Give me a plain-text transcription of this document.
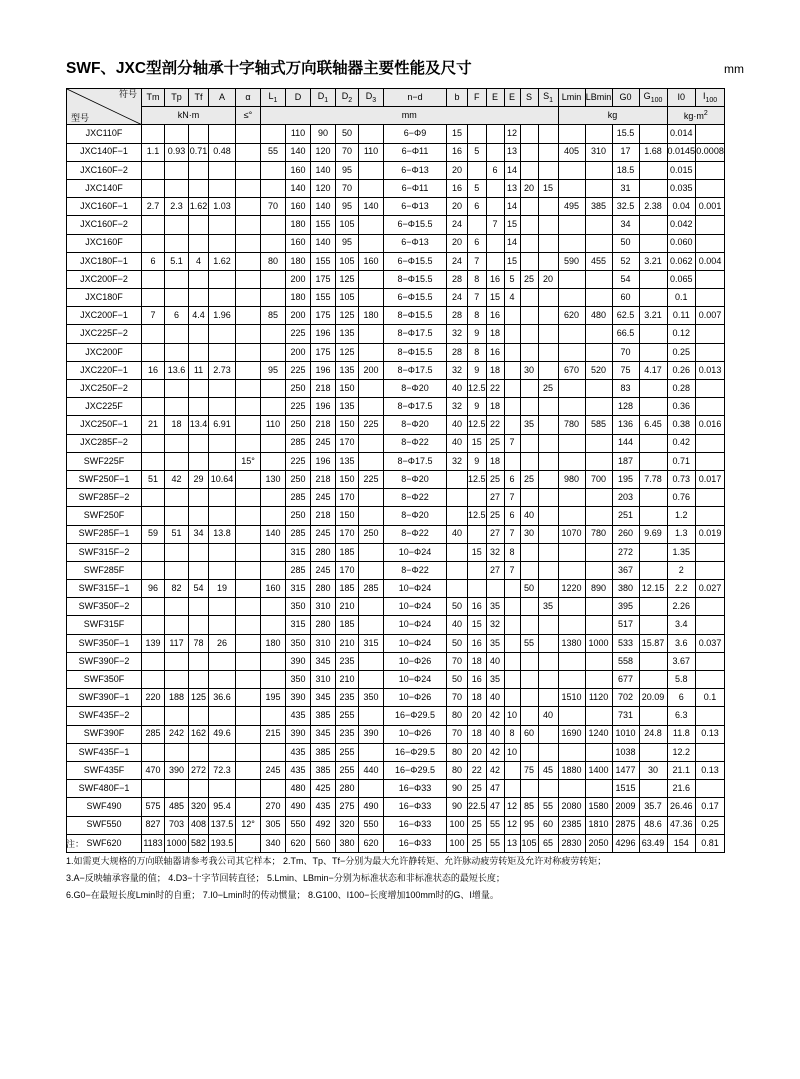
SWF、JXC型剖分轴承十字轴式万向联轴器主要性能及尺寸	mm
符号
型号	Tm	Tp	Tf	A	α	$L_1$	D	$D_1$	$D_2$	$D_3$	n−d	b	F	E	E	S	$S_1$	Lmin	LBmin	G0	$G_{100}$	I0	$I_{100}$
	kN·m				≤°	mm												kg				$kg\cdot m^2$
JXC110F							110	90	50		6−Φ9	15			12					15.5		0.014	
JXC140F−1	1.1	0.93	0.71	0.48		55	140	120	70	110	6−Φ11	16	5		13			405	310	17	1.68	0.0145	0.0008
JXC160F−2							160	140	95		6−Φ13	20		6	14					18.5		0.015	
JXC140F							140	120	70		6−Φ11	16	5		13	20	15			31		0.035	
JXC160F−1	2.7	2.3	1.62	1.03		70	160	140	95	140	6−Φ13	20	6		14			495	385	32.5	2.38	0.04	0.001
JXC160F−2							180	155	105		6−Φ15.5	24		7	15					34		0.042	
JXC160F							160	140	95		6−Φ13	20	6		14					50		0.060	
JXC180F−1	6	5.1	4	1.62		80	180	155	105	160	6−Φ15.5	24	7		15			590	455	52	3.21	0.062	0.004
JXC200F−2							200	175	125		8−Φ15.5	28	8	16	5	25	20			54		0.065	
JXC180F							180	155	105		6−Φ15.5	24	7	15	4					60		0.1	
JXC200F−1	7	6	4.4	1.96		85	200	175	125	180	8−Φ15.5	28	8	16				620	480	62.5	3.21	0.11	0.007
JXC225F−2							225	196	135		8−Φ17.5	32	9	18						66.5		0.12	
JXC200F							200	175	125		8−Φ15.5	28	8	16						70		0.25	
JXC220F−1	16	13.6	11	2.73		95	225	196	135	200	8−Φ17.5	32	9	18		30		670	520	75	4.17	0.26	0.013
JXC250F−2							250	218	150		8−Φ20	40	12.5	22			25			83		0.28	
JXC225F							225	196	135		8−Φ17.5	32	9	18						128		0.36	
JXC250F−1	21	18	13.4	6.91		110	250	218	150	225	8−Φ20	40	12.5	22		35		780	585	136	6.45	0.38	0.016
JXC285F−2							285	245	170		8−Φ22	40	15	25	7					144		0.42	
SWF225F					15°		225	196	135		8−Φ17.5	32	9	18						187		0.71	
SWF250F−1	51	42	29	10.64		130	250	218	150	225	8−Φ20		12.5	25	6	25		980	700	195	7.78	0.73	0.017
SWF285F−2							285	245	170		8−Φ22			27	7					203		0.76	
SWF250F							250	218	150		8−Φ20		12.5	25	6	40				251		1.2	
SWF285F−1	59	51	34	13.8		140	285	245	170	250	8−Φ22	40		27	7	30		1070	780	260	9.69	1.3	0.019
SWF315F−2							315	280	185		10−Φ24		15	32	8					272		1.35	
SWF285F							285	245	170		8−Φ22			27	7					367		2	
SWF315F−1	96	82	54	19		160	315	280	185	285	10−Φ24					50		1220	890	380	12.15	2.2	0.027
SWF350F−2							350	310	210		10−Φ24	50	16	35			35			395		2.26	
SWF315F							315	280	185		10−Φ24	40	15	32						517		3.4	
SWF350F−1	139	117	78	26		180	350	310	210	315	10−Φ24	50	16	35		55		1380	1000	533	15.87	3.6	0.037
SWF390F−2							390	345	235		10−Φ26	70	18	40						558		3.67	
SWF350F							350	310	210		10−Φ24	50	16	35						677		5.8	
SWF390F−1	220	188	125	36.6		195	390	345	235	350	10−Φ26	70	18	40				1510	1120	702	20.09	6	0.1
SWF435F−2							435	385	255		16−Φ29.5	80	20	42	10		40			731		6.3	
SWF390F	285	242	162	49.6		215	390	345	235	390	10−Φ26	70	18	40	8	60		1690	1240	1010	24.8	11.8	0.13
SWF435F−1							435	385	255		16−Φ29.5	80	20	42	10					1038		12.2	
SWF435F	470	390	272	72.3		245	435	385	255	440	16−Φ29.5	80	22	42		75	45	1880	1400	1477	30	21.1	0.13
SWF480F−1							480	425	280		16−Φ33	90	25	47						1515		21.6	
SWF490	575	485	320	95.4		270	490	435	275	490	16−Φ33	90	22.5	47	12	85	55	2080	1580	2009	35.7	26.46	0.17
SWF550	827	703	408	137.5	12°	305	550	492	320	550	16−Φ33	100	25	55	12	95	60	2385	1810	2875	48.6	47.36	0.25
SWF620	1183	1000	582	193.5		340	620	560	380	620	16−Φ33	100	25	55	13	105	65	2830	2050	4296	63.49	154	0.81
注：
1.如需更大规格的万向联轴器请参考我公司其它样本； 2.Tm、Tp、Tf−分别为最大允许静转矩、允许脉动疲劳转矩及允许对称疲劳转矩；
3.A−反映轴承容量的值； 4.D3−十字节回转直径； 5.Lmin、LBmin−分别为标准状态和非标准状态的最短长度；
6.G0−在最短长度Lmin时的自重； 7.I0−Lmin时的传动惯量； 8.G100、I100−长度增加100mm时的G、I增量。
